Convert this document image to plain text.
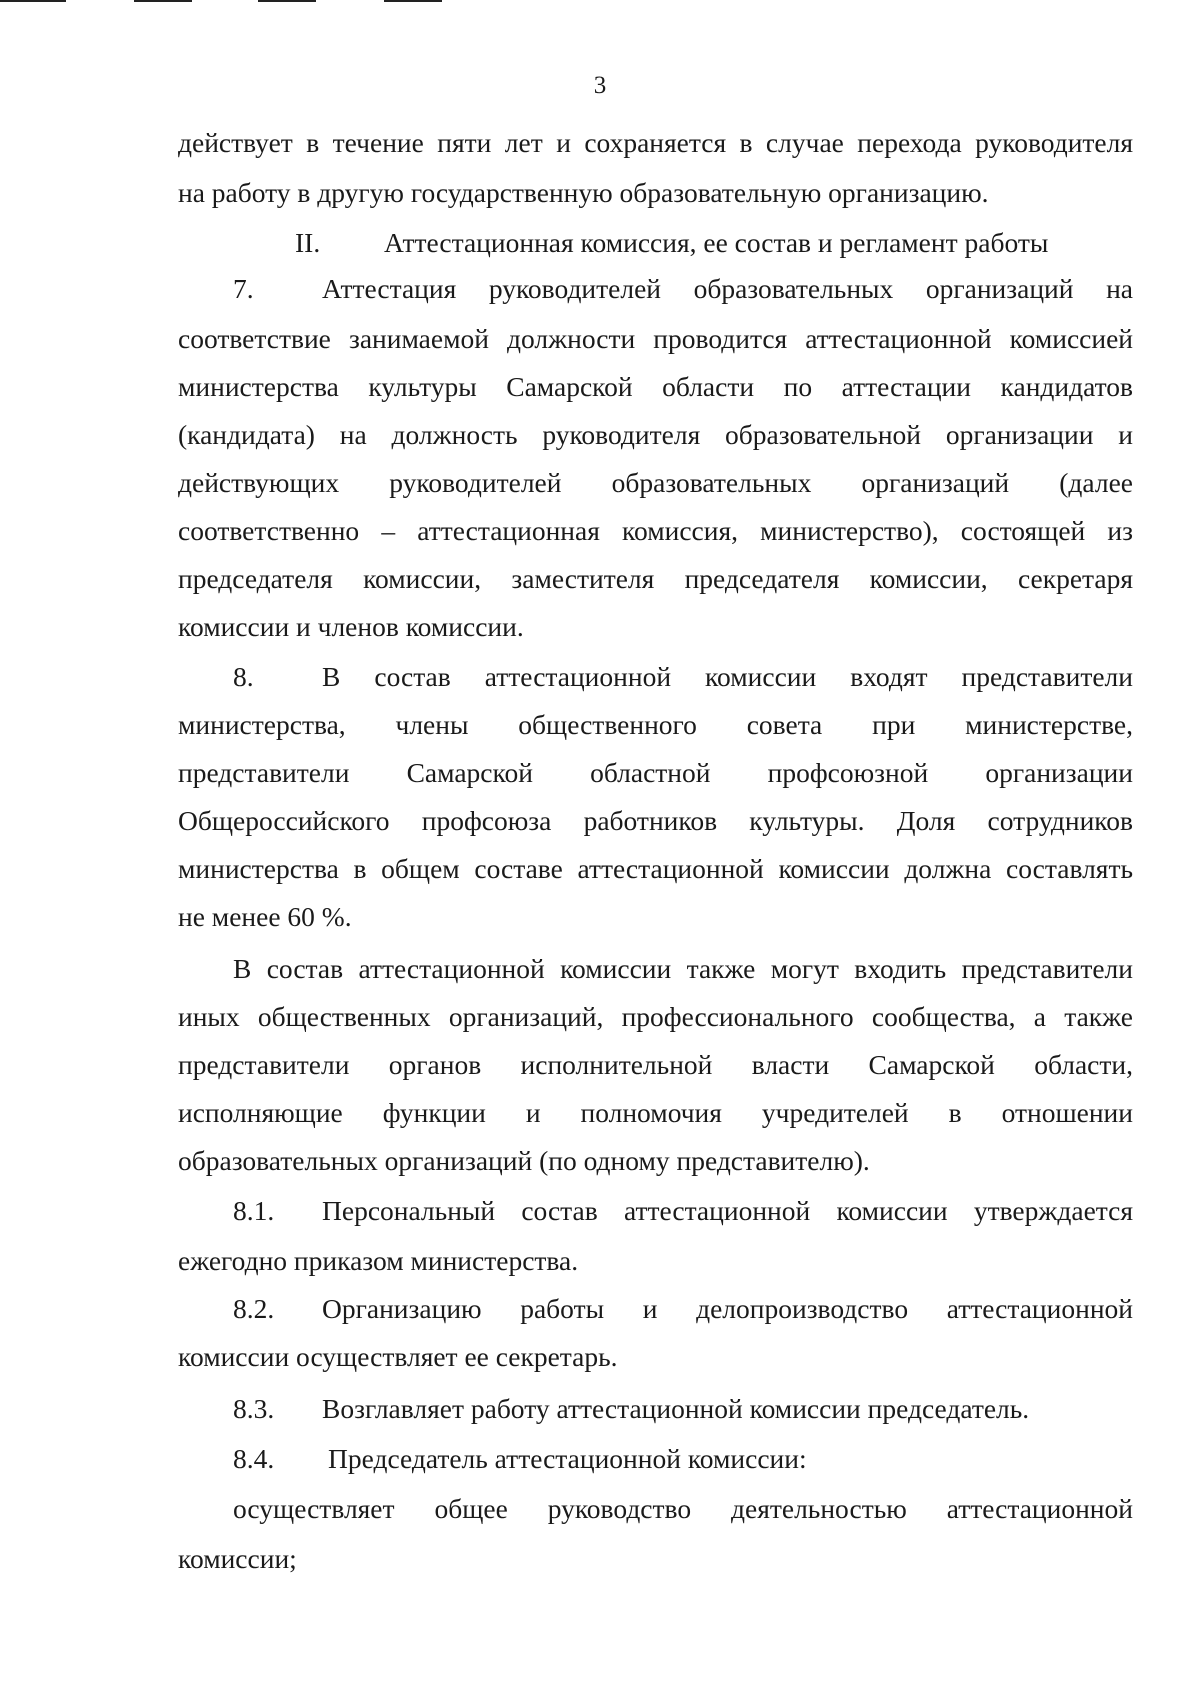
3
действует в течение пяти лет и сохраняется в случае перехода руководителя
на работу в другую государственную образовательную организацию.
II. Аттестационная комиссия, ее состав и регламент работы
7. Аттестация руководителей образовательных организаций на
соответствие занимаемой должности проводится аттестационной комиссией
министерства культуры Самарской области по аттестации кандидатов
(кандидата) на должность руководителя образовательной организации и
действующих руководителей образовательных организаций (далее
соответственно – аттестационная комиссия, министерство), состоящей из
председателя комиссии, заместителя председателя комиссии, секретаря
комиссии и членов комиссии.
8. В состав аттестационной комиссии входят представители
министерства, члены общественного совета при министерстве,
представители Самарской областной профсоюзной организации
Общероссийского профсоюза работников культуры. Доля сотрудников
министерства в общем составе аттестационной комиссии должна составлять
не менее 60 %.
В состав аттестационной комиссии также могут входить представители
иных общественных организаций, профессионального сообщества, а также
представители органов исполнительной власти Самарской области,
исполняющие функции и полномочия учредителей в отношении
образовательных организаций (по одному представителю).
8.1. Персональный состав аттестационной комиссии утверждается
ежегодно приказом министерства.
8.2. Организацию работы и делопроизводство аттестационной
комиссии осуществляет ее секретарь.
8.3. Возглавляет работу аттестационной комиссии председатель.
8.4. Председатель аттестационной комиссии:
осуществляет общее руководство деятельностью аттестационной
комиссии;
